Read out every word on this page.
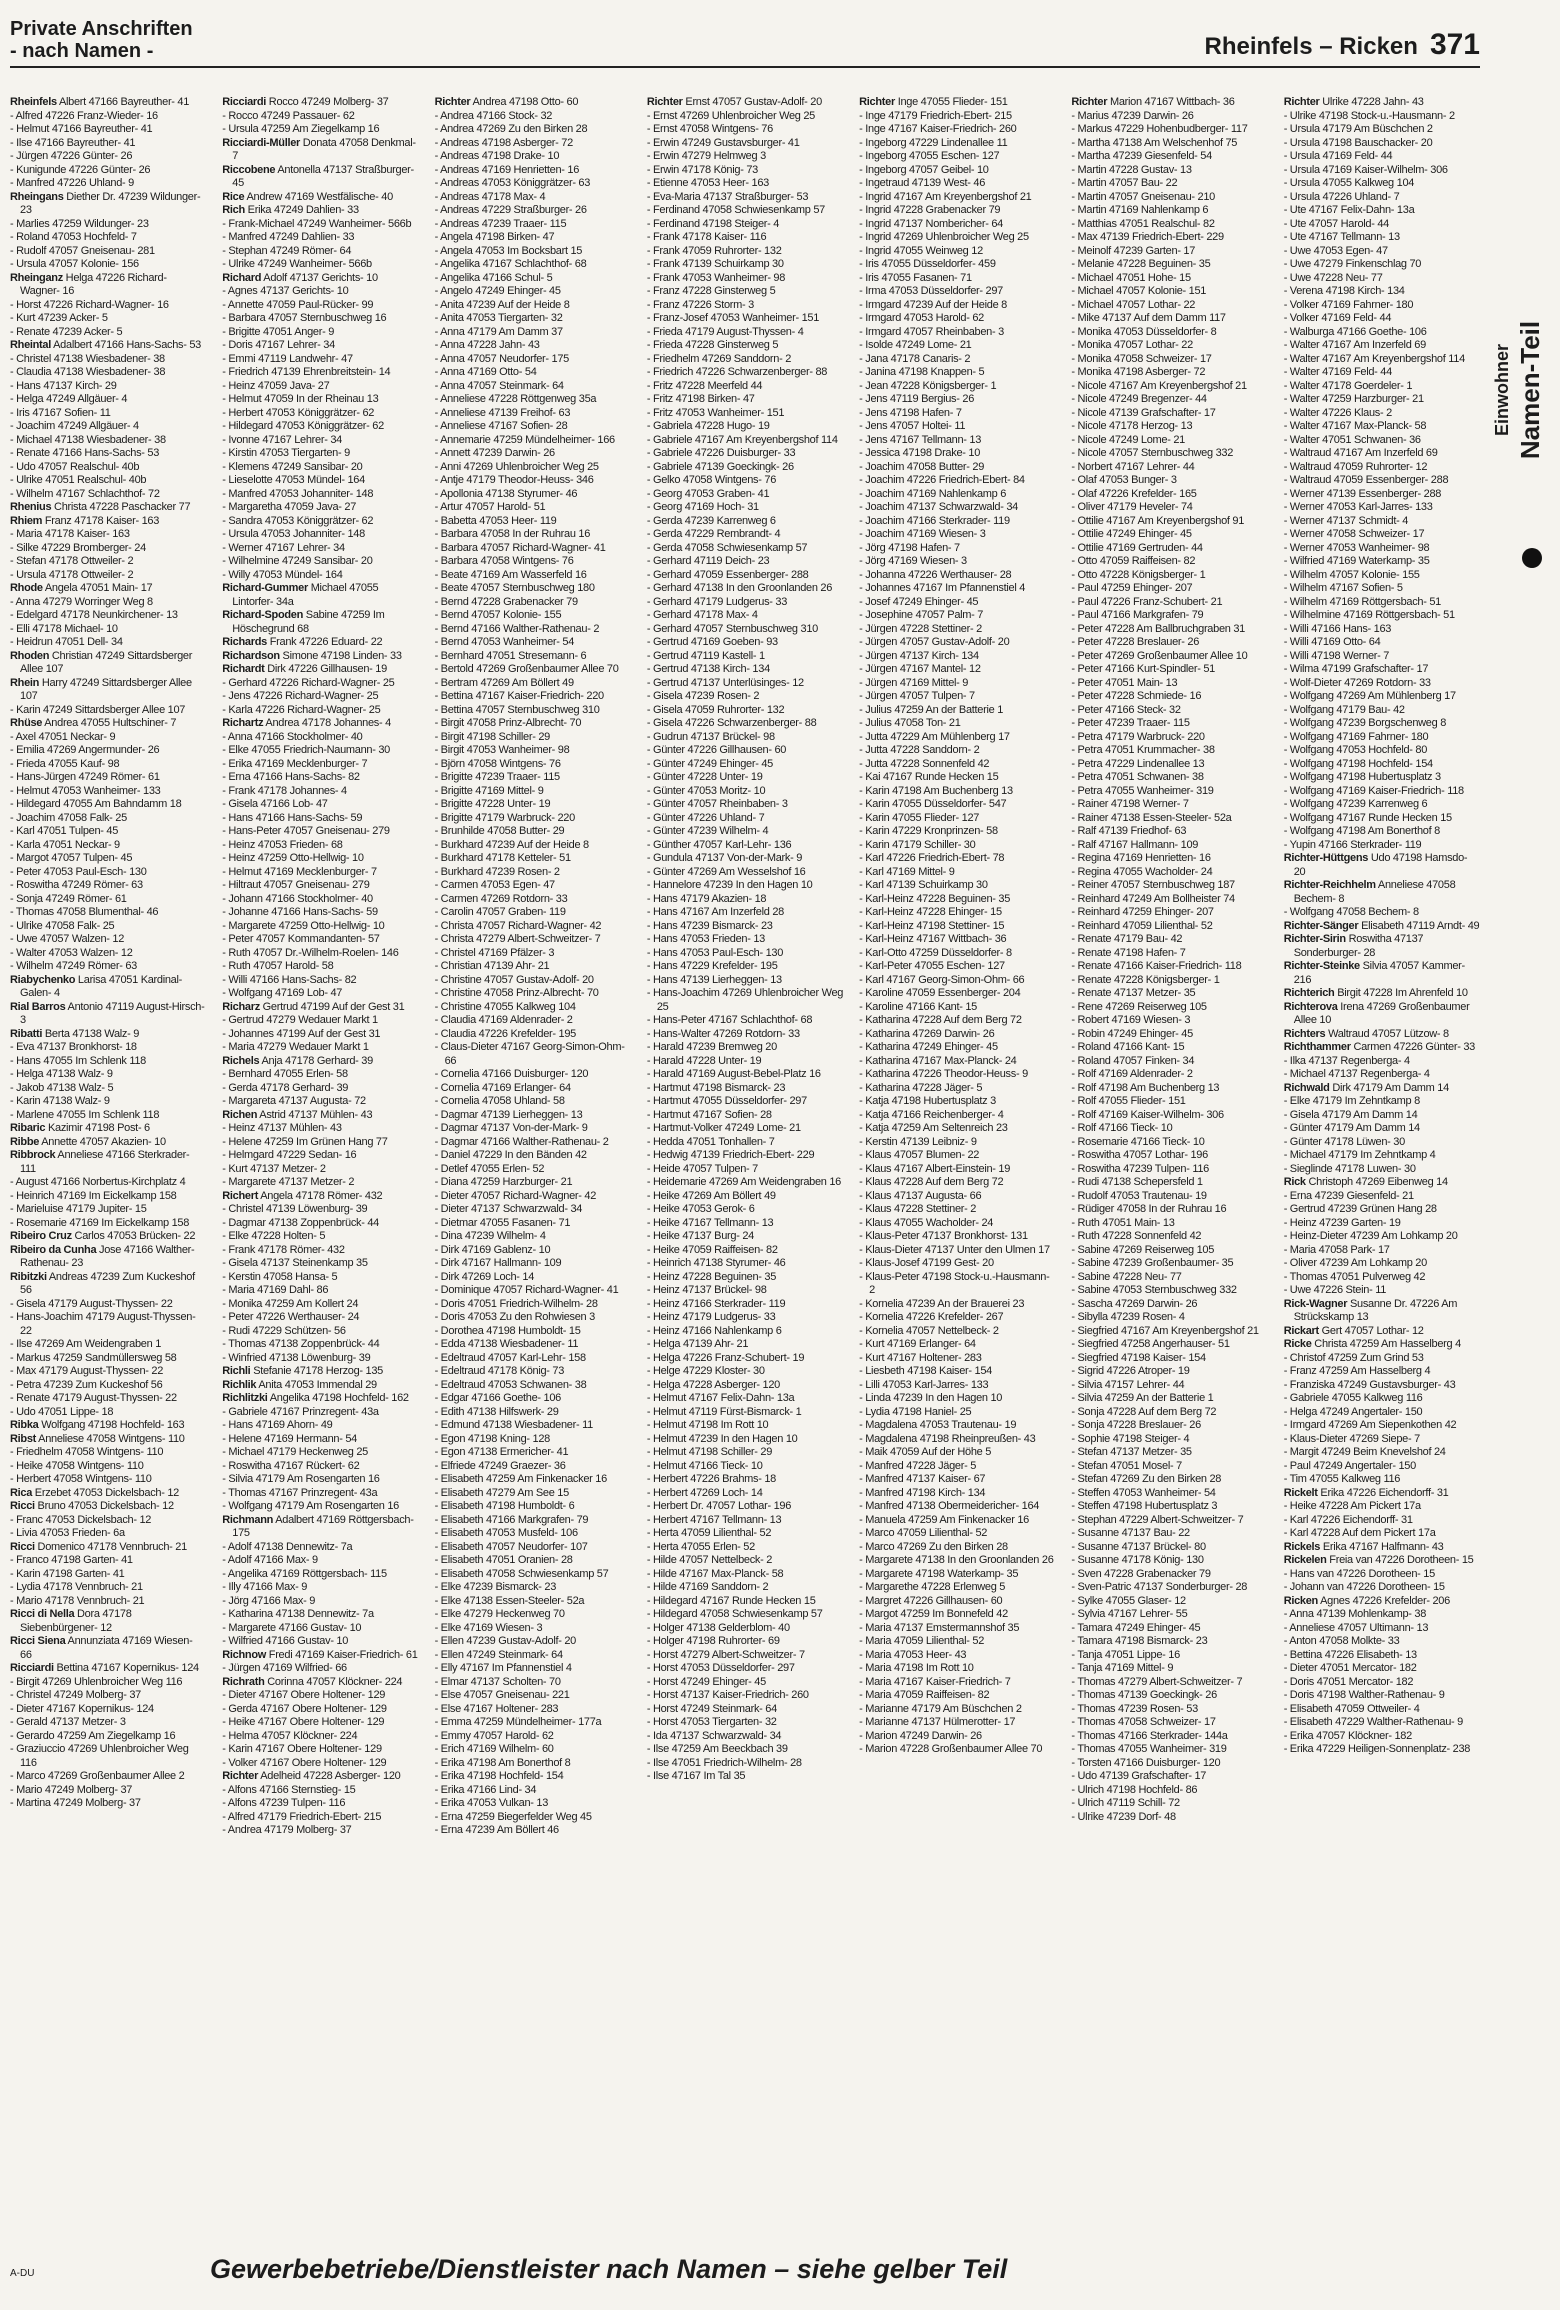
Private Anschriften
- nach Namen -	Rheinfels – Ricken 371
Rheinfels Albert 47166 Bayreuther- 41
- Alfred 47226 Franz-Wieder- 16
- Helmut 47166 Bayreuther- 41
- Ilse 47166 Bayreuther- 41
- Jürgen 47226 Günter- 26
- Kunigunde 47226 Günter- 26
- Manfred 47226 Uhland- 9
Rheingans Diether Dr. 47239 Wildunger- 23
- Marlies 47259 Wildunger- 23
- Roland 47053 Hochfeld- 7
- Rudolf 47057 Gneisenau- 281
- Ursula 47057 Kolonie- 156
Rheinganz Helga 47226 Richard-Wagner- 16
- Horst 47226 Richard-Wagner- 16
- Kurt 47239 Acker- 5
- Renate 47239 Acker- 5
Rheintal Adalbert 47166 Hans-Sachs- 53
- Christel 47138 Wiesbadener- 38
- Claudia 47138 Wiesbadener- 38
- Hans 47137 Kirch- 29
- Helga 47249 Allgäuer- 4
- Iris 47167 Sofien- 11
- Joachim 47249 Allgäuer- 4
- Michael 47138 Wiesbadener- 38
- Renate 47166 Hans-Sachs- 53
- Udo 47057 Realschul- 40b
- Ulrike 47051 Realschul- 40b
- Wilhelm 47167 Schlachthof- 72
Rhenius Christa 47228 Paschacker 77
Rhiem Franz 47178 Kaiser- 163
- Maria 47178 Kaiser- 163
- Silke 47229 Bromberger- 24
- Stefan 47178 Ottweiler- 2
- Ursula 47178 Ottweiler- 2
Rhode Angela 47051 Main- 17
- Anna 47279 Worringer Weg 8
- Edelgard 47178 Neunkirchener- 13
- Elli 47178 Michael- 10
- Heidrun 47051 Dell- 34
Rhoden Christian 47249 Sittardsberger Allee 107
Rhein Harry 47249 Sittardsberger Allee 107
- Karin 47249 Sittardsberger Allee 107
Rhüse Andrea 47055 Hultschiner- 7
- Axel 47051 Neckar- 9
- Emilia 47269 Angermunder- 26
- Frieda 47055 Kauf- 98
- Hans-Jürgen 47249 Römer- 61
- Helmut 47053 Wanheimer- 133
- Hildegard 47055 Am Bahndamm 18
- Joachim 47058 Falk- 25
- Karl 47051 Tulpen- 45
- Karla 47051 Neckar- 9
- Margot 47057 Tulpen- 45
- Peter 47053 Paul-Esch- 130
- Roswitha 47249 Römer- 63
- Sonja 47249 Römer- 61
- Thomas 47058 Blumenthal- 46
- Ulrike 47058 Falk- 25
- Uwe 47057 Walzen- 12
- Walter 47053 Walzen- 12
- Wilhelm 47249 Römer- 63
Riabychenko Larisa 47051 Kardinal-Galen- 4
Rial Barros Antonio 47119 August-Hirsch- 3
Ribatti Berta 47138 Walz- 9
- Eva 47137 Bronkhorst- 18
- Hans 47055 Im Schlenk 118
- Helga 47138 Walz- 9
- Jakob 47138 Walz- 5
- Karin 47138 Walz- 9
- Marlene 47055 Im Schlenk 118
Ribaric Kazimir 47198 Post- 6
Ribbe Annette 47057 Akazien- 10
Ribbrock Anneliese 47166 Sterkrader- 111
- August 47166 Norbertus-Kirchplatz 4
- Heinrich 47169 Im Eickelkamp 158
- Marieluise 47179 Jupiter- 15
- Rosemarie 47169 Im Eickelkamp 158
Ribeiro Cruz Carlos 47053 Brücken- 22
Ribeiro da Cunha Jose 47166 Walther-Rathenau- 23
Ribitzki Andreas 47239 Zum Kuckeshof 56
- Gisela 47179 August-Thyssen- 22
- Hans-Joachim 47179 August-Thyssen- 22
- Ilse 47269 Am Weidengraben 1
- Markus 47259 Sandmüllersweg 58
- Max 47179 August-Thyssen- 22
- Petra 47239 Zum Kuckeshof 56
- Renate 47179 August-Thyssen- 22
- Udo 47051 Lippe- 18
Ribka Wolfgang 47198 Hochfeld- 163
Ribst Anneliese 47058 Wintgens- 110
- Friedhelm 47058 Wintgens- 110
- Heike 47058 Wintgens- 110
- Herbert 47058 Wintgens- 110
Rica Erzebet 47053 Dickelsbach- 12
Ricci Bruno 47053 Dickelsbach- 12
- Franc 47053 Dickelsbach- 12
- Livia 47053 Frieden- 6a
Ricci Domenico 47178 Vennbruch- 21
- Franco 47198 Garten- 41
- Karin 47198 Garten- 41
- Lydia 47178 Vennbruch- 21
- Mario 47178 Vennbruch- 21
Ricci di Nella Dora 47178 Siebenbürgener- 12
Ricci Siena Annunziata 47169 Wiesen- 66
Ricciardi Bettina 47167 Kopernikus- 124
- Birgit 47269 Uhlenbroicher Weg 116
- Christel 47249 Molberg- 37
- Dieter 47167 Kopernikus- 124
- Gerald 47137 Metzer- 3
- Gerardo 47259 Am Ziegelkamp 16
- Graziuccio 47269 Uhlenbroicher Weg 116
- Marco 47269 Großenbaumer Allee 2
- Mario 47249 Molberg- 37
- Martina 47249 Molberg- 37
Ricciardi Rocco 47249 Molberg- 37
- Rocco 47249 Passauer- 62
- Ursula 47259 Am Ziegelkamp 16
Ricciardi-Müller Donata 47058 Denkmal- 7
Riccobene Antonella 47137 Straßburger- 45
Rice Andrew 47169 Westfälische- 40
Rich Erika 47249 Dahlien- 33
- Frank-Michael 47249 Wanheimer- 566b
- Manfred 47249 Dahlien- 33
- Stephan 47249 Römer- 64
- Ulrike 47249 Wanheimer- 566b
Richard Adolf 47137 Gerichts- 10
- Agnes 47137 Gerichts- 10
- Annette 47059 Paul-Rücker- 99
- Barbara 47057 Sternbuschweg 16
- Brigitte 47051 Anger- 9
- Doris 47167 Lehrer- 34
- Emmi 47119 Landwehr- 47
- Friedrich 47139 Ehrenbreitstein- 14
- Heinz 47059 Java- 27
- Helmut 47059 In der Rheinau 13
- Herbert 47053 Königgrätzer- 62
- Hildegard 47053 Königgrätzer- 62
- Ivonne 47167 Lehrer- 34
- Kirstin 47053 Tiergarten- 9
- Klemens 47249 Sansibar- 20
- Lieselotte 47053 Mündel- 164
- Manfred 47053 Johanniter- 148
- Margaretha 47059 Java- 27
- Sandra 47053 Königgrätzer- 62
- Ursula 47053 Johanniter- 148
- Werner 47167 Lehrer- 34
- Wilhelmine 47249 Sansibar- 20
- Willy 47053 Mündel- 164
Richard-Gummer Michael 47055 Lintorfer- 34a
Richard-Spoden Sabine 47259 Im Höschegrund 68
Richards Frank 47226 Eduard- 22
Richardson Simone 47198 Linden- 33
Richardt Dirk 47226 Gillhausen- 19
- Gerhard 47226 Richard-Wagner- 25
- Jens 47226 Richard-Wagner- 25
- Karla 47226 Richard-Wagner- 25
Richartz Andrea 47178 Johannes- 4
- Anna 47166 Stockholmer- 40
- Elke 47055 Friedrich-Naumann- 30
- Erika 47169 Mecklenburger- 7
- Erna 47166 Hans-Sachs- 82
- Frank 47178 Johannes- 4
- Gisela 47166 Lob- 47
- Hans 47166 Hans-Sachs- 59
- Hans-Peter 47057 Gneisenau- 279
- Heinz 47053 Frieden- 68
- Heinz 47259 Otto-Hellwig- 10
- Helmut 47169 Mecklenburger- 7
- Hiltraut 47057 Gneisenau- 279
- Johann 47166 Stockholmer- 40
- Johanne 47166 Hans-Sachs- 59
- Margarete 47259 Otto-Hellwig- 10
- Peter 47057 Kommandanten- 57
- Ruth 47057 Dr.-Wilhelm-Roelen- 146
- Ruth 47057 Harold- 58
- Willi 47166 Hans-Sachs- 82
- Wolfgang 47169 Lob- 47
Richarz Gertrud 47199 Auf der Gest 31
- Gertrud 47279 Wedauer Markt 1
- Johannes 47199 Auf der Gest 31
- Maria 47279 Wedauer Markt 1
Richels Anja 47178 Gerhard- 39
- Bernhard 47055 Erlen- 58
- Gerda 47178 Gerhard- 39
- Margareta 47137 Augusta- 72
Richen Astrid 47137 Mühlen- 43
- Heinz 47137 Mühlen- 43
- Helene 47259 Im Grünen Hang 77
- Helmgard 47229 Sedan- 16
- Kurt 47137 Metzer- 2
- Margarete 47137 Metzer- 2
Richert Angela 47178 Römer- 432
- Christel 47139 Löwenburg- 39
- Dagmar 47138 Zoppenbrück- 44
- Elke 47228 Holten- 5
- Frank 47178 Römer- 432
- Gisela 47137 Steinenkamp 35
- Kerstin 47058 Hansa- 5
- Maria 47169 Dahl- 86
- Monika 47259 Am Kollert 24
- Peter 47226 Werthauser- 24
- Rudi 47229 Schützen- 56
- Thomas 47138 Zoppenbrück- 44
- Winfried 47138 Löwenburg- 39
Richli Stefanie 47178 Herzog- 135
Richlik Anita 47053 Immendal 29
Richlitzki Angelika 47198 Hochfeld- 162
- Gabriele 47167 Prinzregent- 43a
- Hans 47169 Ahorn- 49
- Helene 47169 Hermann- 54
- Michael 47179 Heckenweg 25
- Roswitha 47167 Rückert- 62
- Silvia 47179 Am Rosengarten 16
- Thomas 47167 Prinzregent- 43a
- Wolfgang 47179 Am Rosengarten 16
Richmann Adalbert 47169 Röttgersbach- 175
- Adolf 47138 Dennewitz- 7a
- Adolf 47166 Max- 9
- Angelika 47169 Röttgersbach- 115
- Illy 47166 Max- 9
- Jörg 47166 Max- 9
- Katharina 47138 Dennewitz- 7a
- Margarete 47166 Gustav- 10
- Wilfried 47166 Gustav- 10
Richnow Fredi 47169 Kaiser-Friedrich- 61
- Jürgen 47169 Wilfried- 66
Richrath Corinna 47057 Klöckner- 224
- Dieter 47167 Obere Holtener- 129
- Gerda 47167 Obere Holtener- 129
- Heike 47167 Obere Holtener- 129
- Helma 47057 Klöckner- 224
- Karin 47167 Obere Holtener- 129
- Volker 47167 Obere Holtener- 129
Richter Adelheid 47228 Asberger- 120
- Alfons 47166 Sternstieg- 15
- Alfons 47239 Tulpen- 116
- Alfred 47179 Friedrich-Ebert- 215
- Andrea 47179 Molberg- 37
Richter Andrea 47198 Otto- 60
- Andrea 47166 Stock- 32
- Andrea 47269 Zu den Birken 28
- Andreas 47198 Asberger- 72
- Andreas 47198 Drake- 10
- Andreas 47169 Henrietten- 16
- Andreas 47053 Königgrätzer- 63
- Andreas 47178 Max- 4
- Andreas 47229 Straßburger- 26
- Andreas 47239 Traaer- 115
- Angela 47198 Birken- 47
- Angela 47053 Im Bocksbart 15
- Angelika 47167 Schlachthof- 68
- Angelika 47166 Schul- 5
- Angelo 47249 Ehinger- 45
- Anita 47239 Auf der Heide 8
- Anita 47053 Tiergarten- 32
- Anna 47179 Am Damm 37
- Anna 47228 Jahn- 43
- Anna 47057 Neudorfer- 175
- Anna 47169 Otto- 54
- Anna 47057 Steinmark- 64
- Anneliese 47228 Röttgenweg 35a
- Anneliese 47139 Freihof- 63
- Anneliese 47167 Sofien- 28
- Annemarie 47259 Mündelheimer- 166
- Annett 47239 Darwin- 26
- Anni 47269 Uhlenbroicher Weg 25
- Antje 47179 Theodor-Heuss- 346
- Apollonia 47138 Styrumer- 46
- Artur 47057 Harold- 51
- Babetta 47053 Heer- 119
- Barbara 47058 In der Ruhrau 16
- Barbara 47057 Richard-Wagner- 41
- Barbara 47058 Wintgens- 76
- Beate 47169 Am Wasserfeld 16
- Beate 47057 Sternbuschweg 180
- Bernd 47228 Grabenacker 79
- Bernd 47057 Kolonie- 155
- Bernd 47166 Walther-Rathenau- 2
- Bernd 47053 Wanheimer- 54
- Bernhard 47051 Stresemann- 6
- Bertold 47269 Großenbaumer Allee 70
- Bertram 47269 Am Böllert 49
- Bettina 47167 Kaiser-Friedrich- 220
- Bettina 47057 Sternbuschweg 310
- Birgit 47058 Prinz-Albrecht- 70
- Birgit 47198 Schiller- 29
- Birgit 47053 Wanheimer- 98
- Björn 47058 Wintgens- 76
- Brigitte 47239 Traaer- 115
- Brigitte 47169 Mittel- 9
- Brigitte 47228 Unter- 19
- Brigitte 47179 Warbruck- 220
- Brunhilde 47058 Butter- 29
- Burkhard 47239 Auf der Heide 8
- Burkhard 47178 Ketteler- 51
- Burkhard 47239 Rosen- 2
- Carmen 47053 Egen- 47
- Carmen 47269 Rotdorn- 33
- Carolin 47057 Graben- 119
- Christa 47057 Richard-Wagner- 42
- Christa 47279 Albert-Schweitzer- 7
- Christel 47169 Pfälzer- 3
- Christian 47139 Ahr- 21
- Christine 47057 Gustav-Adolf- 20
- Christine 47058 Prinz-Albrecht- 70
- Christine 47055 Kalkweg 104
- Claudia 47169 Aldenrader- 2
- Claudia 47226 Krefelder- 195
- Claus-Dieter 47167 Georg-Simon-Ohm- 66
- Cornelia 47166 Duisburger- 120
- Cornelia 47169 Erlanger- 64
- Cornelia 47058 Uhland- 58
- Dagmar 47139 Lierheggen- 13
- Dagmar 47137 Von-der-Mark- 9
- Dagmar 47166 Walther-Rathenau- 2
- Daniel 47229 In den Bänden 42
- Detlef 47055 Erlen- 52
- Diana 47259 Harzburger- 21
- Dieter 47057 Richard-Wagner- 42
- Dieter 47137 Schwarzwald- 34
- Dietmar 47055 Fasanen- 71
- Dina 47239 Wilhelm- 4
- Dirk 47169 Gablenz- 10
- Dirk 47167 Hallmann- 109
- Dirk 47269 Loch- 14
- Dominique 47057 Richard-Wagner- 41
- Doris 47051 Friedrich-Wilhelm- 28
- Doris 47053 Zu den Rohwiesen 3
- Dorothea 47198 Humboldt- 15
- Edda 47138 Wiesbadener- 11
- Edeltraud 47057 Karl-Lehr- 158
- Edeltraud 47178 König- 73
- Edeltraud 47053 Schwanen- 38
- Edgar 47166 Goethe- 106
- Edith 47138 Hilfswerk- 29
- Edmund 47138 Wiesbadener- 11
- Egon 47198 Kning- 128
- Egon 47138 Ermericher- 41
- Elfriede 47249 Graezer- 36
- Elisabeth 47259 Am Finkenacker 16
- Elisabeth 47279 Am See 15
- Elisabeth 47198 Humboldt- 6
- Elisabeth 47166 Markgrafen- 79
- Elisabeth 47053 Musfeld- 106
- Elisabeth 47057 Neudorfer- 107
- Elisabeth 47051 Oranien- 28
- Elisabeth 47058 Schwiesenkamp 57
- Elke 47239 Bismarck- 23
- Elke 47138 Essen-Steeler- 52a
- Elke 47279 Heckenweg 70
- Elke 47169 Wiesen- 3
- Ellen 47239 Gustav-Adolf- 20
- Ellen 47249 Steinmark- 64
- Elly 47167 Im Pfannenstiel 4
- Elmar 47137 Scholten- 70
- Else 47057 Gneisenau- 221
- Else 47167 Holtener- 283
- Emma 47259 Mündelheimer- 177a
- Emmy 47057 Harold- 62
- Erich 47169 Wilhelm- 60
- Erika 47198 Am Bonerthof 8
- Erika 47198 Hochfeld- 154
- Erika 47166 Lind- 34
- Erika 47053 Vulkan- 13
- Erna 47259 Biegerfelder Weg 45
- Erna 47239 Am Böllert 46
Richter Ernst 47057 Gustav-Adolf- 20
- Ernst 47269 Uhlenbroicher Weg 25
- Ernst 47058 Wintgens- 76
- Erwin 47249 Gustavsburger- 41
- Erwin 47279 Helmweg 3
- Erwin 47178 König- 73
- Etienne 47053 Heer- 163
- Eva-Maria 47137 Straßburger- 53
- Ferdinand 47058 Schwiesenkamp 57
- Ferdinand 47198 Steiger- 4
- Frank 47178 Kaiser- 116
- Frank 47059 Ruhrorter- 132
- Frank 47139 Schuirkamp 30
- Frank 47053 Wanheimer- 98
- Franz 47228 Ginsterweg 5
- Franz 47226 Storm- 3
- Franz-Josef 47053 Wanheimer- 151
- Frieda 47179 August-Thyssen- 4
- Frieda 47228 Ginsterweg 5
- Friedhelm 47269 Sanddorn- 2
- Friedrich 47226 Schwarzenberger- 88
- Fritz 47228 Meerfeld 44
- Fritz 47198 Birken- 47
- Fritz 47053 Wanheimer- 151
- Gabriela 47228 Hugo- 19
- Gabriele 47167 Am Kreyenbergshof 114
- Gabriele 47226 Duisburger- 33
- Gabriele 47139 Goeckingk- 26
- Gelko 47058 Wintgens- 76
- Georg 47053 Graben- 41
- Georg 47169 Hoch- 31
- Gerda 47239 Karrenweg 6
- Gerda 47229 Rembrandt- 4
- Gerda 47058 Schwiesenkamp 57
- Gerhard 47119 Deich- 23
- Gerhard 47059 Essenberger- 288
- Gerhard 47138 In den Groonlanden 26
- Gerhard 47179 Ludgerus- 33
- Gerhard 47178 Max- 4
- Gerhard 47057 Sternbuschweg 310
- Gertrud 47169 Goeben- 93
- Gertrud 47119 Kastell- 1
- Gertrud 47138 Kirch- 134
- Gertrud 47137 Unterlüsinges- 12
- Gisela 47239 Rosen- 2
- Gisela 47059 Ruhrorter- 132
- Gisela 47226 Schwarzenberger- 88
- Gudrun 47137 Brückel- 98
- Günter 47226 Gillhausen- 60
- Günter 47249 Ehinger- 45
- Günter 47228 Unter- 19
- Günter 47053 Moritz- 10
- Günter 47057 Rheinbaben- 3
- Günter 47226 Uhland- 7
- Günter 47239 Wilhelm- 4
- Günther 47057 Karl-Lehr- 136
- Gundula 47137 Von-der-Mark- 9
- Günter 47269 Am Wesselshof 16
- Hannelore 47239 In den Hagen 10
- Hans 47179 Akazien- 18
- Hans 47167 Am Inzerfeld 28
- Hans 47239 Bismarck- 23
- Hans 47053 Frieden- 13
- Hans 47053 Paul-Esch- 130
- Hans 47229 Krefelder- 195
- Hans 47139 Lierheggen- 13
- Hans-Joachim 47269 Uhlenbroicher Weg 25
- Hans-Peter 47167 Schlachthof- 68
- Hans-Walter 47269 Rotdorn- 33
- Harald 47239 Bremweg 20
- Harald 47228 Unter- 19
- Harald 47169 August-Bebel-Platz 16
- Hartmut 47198 Bismarck- 23
- Hartmut 47055 Düsseldorfer- 297
- Hartmut 47167 Sofien- 28
- Hartmut-Volker 47249 Lome- 21
- Hedda 47051 Tonhallen- 7
- Hedwig 47139 Friedrich-Ebert- 229
- Heide 47057 Tulpen- 7
- Heidemarie 47269 Am Weidengraben 16
- Heike 47269 Am Böllert 49
- Heike 47053 Gerok- 6
- Heike 47167 Tellmann- 13
- Heike 47137 Burg- 24
- Heike 47059 Raiffeisen- 82
- Heinrich 47138 Styrumer- 46
- Heinz 47228 Beguinen- 35
- Heinz 47137 Brückel- 98
- Heinz 47166 Sterkrader- 119
- Heinz 47179 Ludgerus- 33
- Heinz 47166 Nahlenkamp 6
- Helga 47139 Ahr- 21
- Helga 47226 Franz-Schubert- 19
- Helge 47229 Kloster- 30
- Helga 47228 Asberger- 120
- Helmut 47167 Felix-Dahn- 13a
- Helmut 47119 Fürst-Bismarck- 1
- Helmut 47198 Im Rott 10
- Helmut 47239 In den Hagen 10
- Helmut 47198 Schiller- 29
- Helmut 47166 Tieck- 10
- Herbert 47226 Brahms- 18
- Herbert 47269 Loch- 14
- Herbert Dr. 47057 Lothar- 196
- Herbert 47167 Tellmann- 13
- Herta 47059 Lilienthal- 52
- Herta 47055 Erlen- 52
- Hilde 47057 Nettelbeck- 2
- Hilde 47167 Max-Planck- 58
- Hilde 47169 Sanddorn- 2
- Hildegard 47167 Runde Hecken 15
- Hildegard 47058 Schwiesenkamp 57
- Holger 47138 Gelderblom- 40
- Holger 47198 Ruhrorter- 69
- Horst 47279 Albert-Schweitzer- 7
- Horst 47053 Düsseldorfer- 297
- Horst 47249 Ehinger- 45
- Horst 47137 Kaiser-Friedrich- 260
- Horst 47249 Steinmark- 64
- Horst 47053 Tiergarten- 32
- Ida 47137 Schwarzwald- 34
- Ilse 47259 Am Beeckbach 39
- Ilse 47051 Friedrich-Wilhelm- 28
- Ilse 47167 Im Tal 35
Richter Inge 47055 Flieder- 151
- Inge 47179 Friedrich-Ebert- 215
- Inge 47167 Kaiser-Friedrich- 260
- Ingeborg 47229 Lindenallee 11
- Ingeborg 47055 Eschen- 127
- Ingeborg 47057 Geibel- 10
- Ingetraud 47139 West- 46
- Ingrid 47167 Am Kreyenbergshof 21
- Ingrid 47228 Grabenacker 79
- Ingrid 47137 Nomberichеr- 64
- Ingrid 47269 Uhlenbroicher Weg 25
- Ingrid 47055 Weinweg 12
- Iris 47055 Düsseldorfer- 459
- Iris 47055 Fasanen- 71
- Irma 47053 Düsseldorfer- 297
- Irmgard 47239 Auf der Heide 8
- Irmgard 47053 Harold- 62
- Irmgard 47057 Rheinbaben- 3
- Isolde 47249 Lome- 21
- Jana 47178 Canaris- 2
- Janina 47198 Knappen- 5
- Jean 47228 Königsberger- 1
- Jens 47119 Bergius- 26
- Jens 47198 Hafen- 7
- Jens 47057 Holtei- 11
- Jens 47167 Tellmann- 13
- Jessica 47198 Drake- 10
- Joachim 47058 Butter- 29
- Joachim 47226 Friedrich-Ebert- 84
- Joachim 47169 Nahlenkamp 6
- Joachim 47137 Schwarzwald- 34
- Joachim 47166 Sterkrader- 119
- Joachim 47169 Wiesen- 3
- Jörg 47198 Hafen- 7
- Jörg 47169 Wiesen- 3
- Johanna 47226 Werthauser- 28
- Johannes 47167 Im Pfannenstiel 4
- Josef 47249 Ehinger- 45
- Josephine 47057 Palm- 7
- Jürgen 47228 Stettiner- 2
- Jürgen 47057 Gustav-Adolf- 20
- Jürgen 47137 Kirch- 134
- Jürgen 47167 Mantel- 12
- Jürgen 47169 Mittel- 9
- Jürgen 47057 Tulpen- 7
- Julius 47259 An der Batterie 1
- Julius 47058 Ton- 21
- Jutta 47229 Am Mühlenberg 17
- Jutta 47228 Sanddorn- 2
- Jutta 47228 Sonnenfeld 42
- Kai 47167 Runde Hecken 15
- Karin 47198 Am Buchenberg 13
- Karin 47055 Düsseldorfer- 547
- Karin 47055 Flieder- 127
- Karin 47229 Kronprinzen- 58
- Karin 47179 Schiller- 30
- Karl 47226 Friedrich-Ebert- 78
- Karl 47169 Mittel- 9
- Karl 47139 Schuirkamp 30
- Karl-Heinz 47228 Beguinen- 35
- Karl-Heinz 47228 Ehinger- 15
- Karl-Heinz 47198 Stettiner- 15
- Karl-Heinz 47167 Wittbach- 36
- Karl-Otto 47259 Düsseldorfer- 8
- Karl-Peter 47055 Eschen- 127
- Karl 47167 Georg-Simon-Ohm- 66
- Karoline 47059 Essenberger- 204
- Karoline 47166 Kant- 15
- Katharina 47228 Auf dem Berg 72
- Katharina 47269 Darwin- 26
- Katharina 47249 Ehinger- 45
- Katharina 47167 Max-Planck- 24
- Katharina 47226 Theodor-Heuss- 9
- Katharina 47228 Jäger- 5
- Katja 47198 Hubertusplatz 3
- Katja 47166 Reichenberger- 4
- Katja 47259 Am Seltenreich 23
- Kerstin 47139 Leibniz- 9
- Klaus 47057 Blumen- 22
- Klaus 47167 Albert-Einstein- 19
- Klaus 47228 Auf dem Berg 72
- Klaus 47137 Augusta- 66
- Klaus 47228 Stettiner- 2
- Klaus 47055 Wacholder- 24
- Klaus-Peter 47137 Bronkhorst- 131
- Klaus-Dieter 47137 Unter den Ulmen 17
- Klaus-Josef 47199 Gest- 20
- Klaus-Peter 47198 Stock-u.-Hausmann- 2
- Kornelia 47239 An der Brauerei 23
- Kornelia 47226 Krefelder- 267
- Kornelia 47057 Nettelbeck- 2
- Kurt 47169 Erlanger- 64
- Kurt 47167 Holtener- 283
- Liesbeth 47198 Kaiser- 154
- Lilli 47053 Karl-Jarres- 133
- Linda 47239 In den Hagen 10
- Lydia 47198 Haniel- 25
- Magdalena 47053 Trautenau- 19
- Magdalena 47198 Rheinpreußen- 43
- Maik 47059 Auf der Höhe 5
- Manfred 47228 Jäger- 5
- Manfred 47137 Kaiser- 67
- Manfred 47198 Kirch- 134
- Manfred 47138 Obermeidericher- 164
- Manuela 47259 Am Finkenacker 16
- Marco 47059 Lilienthal- 52
- Marco 47269 Zu den Birken 28
- Margarete 47138 In den Groonlanden 26
- Margarete 47198 Waterkamp- 35
- Margarethe 47228 Erlenweg 5
- Margret 47226 Gillhausen- 60
- Margot 47259 Im Bonnefeld 42
- Maria 47137 Emstermannshof 35
- Maria 47059 Lilienthal- 52
- Maria 47053 Heer- 43
- Maria 47198 Im Rott 10
- Maria 47167 Kaiser-Friedrich- 7
- Maria 47059 Raiffeisen- 82
- Marianne 47179 Am Büschchen 2
- Marianne 47137 Hülmerotter- 17
- Marion 47249 Darwin- 26
- Marion 47228 Großenbaumer Allee 70
Richter Marion 47167 Wittbach- 36
- Marius 47239 Darwin- 26
- Markus 47229 Hohenbudberger- 117
- Martha 47138 Am Welschenhof 75
- Martha 47239 Giesenfeld- 54
- Martin 47228 Gustav- 13
- Martin 47057 Bau- 22
- Martin 47057 Gneisenau- 210
- Martin 47169 Nahlenkamp 6
- Matthias 47051 Realschul- 82
- Max 47139 Friedrich-Ebert- 229
- Meinolf 47239 Garten- 17
- Melanie 47228 Beguinen- 35
- Michael 47051 Hohe- 15
- Michael 47057 Kolonie- 151
- Michael 47057 Lothar- 22
- Mike 47137 Auf dem Damm 117
- Monika 47053 Düsseldorfer- 8
- Monika 47057 Lothar- 22
- Monika 47058 Schweizer- 17
- Monika 47198 Asberger- 72
- Nicole 47167 Am Kreyenbergshof 21
- Nicole 47249 Bregenzer- 44
- Nicole 47139 Grafschafter- 17
- Nicole 47178 Herzog- 13
- Nicole 47249 Lome- 21
- Nicole 47057 Sternbuschweg 332
- Norbert 47167 Lehrer- 44
- Olaf 47053 Bunger- 3
- Olaf 47226 Krefelder- 165
- Oliver 47179 Heveler- 74
- Ottilie 47167 Am Kreyenbergshof 91
- Ottilie 47249 Ehinger- 45
- Ottilie 47169 Gertruden- 44
- Otto 47059 Raiffeisen- 82
- Otto 47228 Königsberger- 1
- Paul 47259 Ehinger- 207
- Paul 47226 Franz-Schubert- 21
- Paul 47166 Markgrafen- 79
- Peter 47228 Am Ballbruchgraben 31
- Peter 47228 Breslauer- 26
- Peter 47269 Großenbaumer Allee 10
- Peter 47166 Kurt-Spindler- 51
- Peter 47051 Main- 13
- Peter 47228 Schmiede- 16
- Peter 47166 Steck- 32
- Peter 47239 Traaer- 115
- Petra 47179 Warbruck- 220
- Petra 47051 Krummacher- 38
- Petra 47229 Lindenallee 13
- Petra 47051 Schwanen- 38
- Petra 47055 Wanheimer- 319
- Rainer 47198 Werner- 7
- Rainer 47138 Essen-Steeler- 52a
- Ralf 47139 Friedhof- 63
- Ralf 47167 Hallmann- 109
- Regina 47169 Henrietten- 16
- Regina 47055 Wacholder- 24
- Reiner 47057 Sternbuschweg 187
- Reinhard 47249 Am Bollheister 74
- Reinhard 47259 Ehinger- 207
- Reinhard 47059 Lilienthal- 52
- Renate 47179 Bau- 42
- Renate 47198 Hafen- 7
- Renate 47166 Kaiser-Friedrich- 118
- Renate 47228 Königsberger- 1
- Renate 47137 Metzer- 35
- Rene 47269 Reiserweg 105
- Robert 47169 Wiesen- 3
- Robin 47249 Ehinger- 45
- Roland 47166 Kant- 15
- Roland 47057 Finken- 34
- Rolf 47169 Aldenrader- 2
- Rolf 47198 Am Buchenberg 13
- Rolf 47055 Flieder- 151
- Rolf 47169 Kaiser-Wilhelm- 306
- Rolf 47166 Tieck- 10
- Rosemarie 47166 Tieck- 10
- Roswitha 47057 Lothar- 196
- Roswitha 47239 Tulpen- 116
- Rudi 47138 Schepersfeld 1
- Rudolf 47053 Trautenau- 19
- Rüdiger 47058 In der Ruhrau 16
- Ruth 47051 Main- 13
- Ruth 47228 Sonnenfeld 42
- Sabine 47269 Reiserweg 105
- Sabine 47239 Großenbaumer- 35
- Sabine 47228 Neu- 77
- Sabine 47053 Sternbuschweg 332
- Sascha 47269 Darwin- 26
- Sibylla 47239 Rosen- 4
- Siegfried 47167 Am Kreyenbergshof 21
- Siegfried 47258 Angerhauser- 51
- Siegfried 47198 Kaiser- 154
- Sigrid 47226 Atroper- 19
- Silvia 47157 Lehrer- 44
- Silvia 47259 An der Batterie 1
- Sonja 47228 Auf dem Berg 72
- Sonja 47228 Breslauer- 26
- Sophie 47198 Steiger- 4
- Stefan 47137 Metzer- 35
- Stefan 47051 Mosel- 7
- Stefan 47269 Zu den Birken 28
- Steffen 47053 Wanheimer- 54
- Steffen 47198 Hubertusplatz 3
- Stephan 47229 Albert-Schweitzer- 7
- Susanne 47137 Bau- 22
- Susanne 47137 Brückel- 80
- Susanne 47178 König- 130
- Sven 47228 Grabenacker 79
- Sven-Patric 47137 Sonderburger- 28
- Sylke 47055 Glaser- 12
- Sylvia 47167 Lehrer- 55
- Tamara 47249 Ehinger- 45
- Tamara 47198 Bismarck- 23
- Tanja 47051 Lippe- 16
- Tanja 47169 Mittel- 9
- Thomas 47279 Albert-Schweitzer- 7
- Thomas 47139 Goeckingk- 26
- Thomas 47239 Rosen- 53
- Thomas 47058 Schweizer- 17
- Thomas 47166 Sterkrader- 144a
- Thomas 47055 Wanheimer- 319
- Torsten 47166 Duisburger- 120
- Udo 47139 Grafschafter- 17
- Ulrich 47198 Hochfeld- 86
- Ulrich 47119 Schill- 72
- Ulrike 47239 Dorf- 48
Richter Ulrike 47228 Jahn- 43
- Ulrike 47198 Stock-u.-Hausmann- 2
- Ursula 47179 Am Büschchen 2
- Ursula 47198 Bauschacker- 20
- Ursula 47169 Feld- 44
- Ursula 47169 Kaiser-Wilhelm- 306
- Ursula 47055 Kalkweg 104
- Ursula 47226 Uhland- 7
- Ute 47167 Felix-Dahn- 13a
- Ute 47057 Harold- 44
- Ute 47167 Tellmann- 13
- Uwe 47053 Egen- 47
- Uwe 47279 Finkenschlag 70
- Uwe 47228 Neu- 77
- Verena 47198 Kirch- 134
- Volker 47169 Fahrner- 180
- Volker 47169 Feld- 44
- Walburga 47166 Goethe- 106
- Walter 47167 Am Inzerfeld 69
- Walter 47167 Am Kreyenbergshof 114
- Walter 47169 Feld- 44
- Walter 47178 Goerdeler- 1
- Walter 47259 Harzburger- 21
- Walter 47226 Klaus- 2
- Walter 47167 Max-Planck- 58
- Walter 47051 Schwanen- 36
- Waltraud 47167 Am Inzerfeld 69
- Waltraud 47059 Ruhrorter- 12
- Waltraud 47059 Essenberger- 288
- Werner 47139 Essenberger- 288
- Werner 47053 Karl-Jarres- 133
- Werner 47137 Schmidt- 4
- Werner 47058 Schweizer- 17
- Werner 47053 Wanheimer- 98
- Wilfried 47169 Waterkamp- 35
- Wilhelm 47057 Kolonie- 155
- Wilhelm 47167 Sofien- 5
- Wilhelm 47169 Röttgersbach- 51
- Wilhelmine 47169 Röttgersbach- 51
- Willi 47166 Hans- 163
- Willi 47169 Otto- 64
- Willi 47198 Werner- 7
- Wilma 47199 Grafschafter- 17
- Wolf-Dieter 47269 Rotdorn- 33
- Wolfgang 47269 Am Mühlenberg 17
- Wolfgang 47179 Bau- 42
- Wolfgang 47239 Borgschenweg 8
- Wolfgang 47169 Fahrner- 180
- Wolfgang 47053 Hochfeld- 80
- Wolfgang 47198 Hochfeld- 154
- Wolfgang 47198 Hubertusplatz 3
- Wolfgang 47169 Kaiser-Friedrich- 118
- Wolfgang 47239 Karrenweg 6
- Wolfgang 47167 Runde Hecken 15
- Wolfgang 47198 Am Bonerthof 8
- Yupin 47166 Sterkrader- 119
Richter-Hüttgens Udo 47198 Hamsdo- 20
Richter-Reichhelm Anneliese 47058 Bechem- 8
- Wolfgang 47058 Bechem- 8
Richter-Sänger Elisabeth 47119 Arndt- 49
Richter-Sirin Roswitha 47137 Sonderburger- 28
Richter-Steinke Silvia 47057 Kammer- 216
Richterich Birgit 47228 Im Ahrenfeld 10
Richterova Irena 47269 Großenbaumer Allee 10
Richters Waltraud 47057 Lützow- 8
Richthammer Carmen 47226 Günter- 33
- Ilka 47137 Regenberga- 4
- Michael 47137 Regenberga- 4
Richwald Dirk 47179 Am Damm 14
- Elke 47179 Im Zehntkamp 8
- Gisela 47179 Am Damm 14
- Günter 47179 Am Damm 14
- Günter 47178 Lüwen- 30
- Michael 47179 Im Zehntkamp 4
- Sieglinde 47178 Luwen- 30
Rick Christoph 47269 Eibenweg 14
- Erna 47239 Giesenfeld- 21
- Gertrud 47239 Grünen Hang 28
- Heinz 47239 Garten- 19
- Heinz-Dieter 47239 Am Lohkamp 20
- Maria 47058 Park- 17
- Oliver 47239 Am Lohkamp 20
- Thomas 47051 Pulverweg 42
- Uwe 47226 Stein- 11
Rick-Wagner Susanne Dr. 47226 Am Strückskamp 13
Rickart Gert 47057 Lothar- 12
Ricke Christa 47259 Am Hasselberg 4
- Christof 47259 Zum Grind 53
- Franz 47259 Am Hasselberg 4
- Franziska 47249 Gustavsburger- 43
- Gabriele 47055 Kalkweg 116
- Helga 47249 Angertaler- 150
- Irmgard 47269 Am Siepenkothen 42
- Klaus-Dieter 47269 Siepe- 7
- Margit 47249 Beim Knevelshof 24
- Paul 47249 Angertaler- 150
- Tim 47055 Kalkweg 116
Rickelt Erika 47226 Eichendorff- 31
- Heike 47228 Am Pickert 17a
- Karl 47226 Eichendorff- 31
- Karl 47228 Auf dem Pickert 17a
Rickels Erika 47167 Halfmann- 43
Rickelen Freia van 47226 Dorotheen- 15
- Hans van 47226 Dorotheen- 15
- Johann van 47226 Dorotheen- 15
Ricken Agnes 47226 Krefelder- 206
- Anna 47139 Mohlenkamp- 38
- Anneliese 47057 Ultimann- 13
- Anton 47058 Molkte- 33
- Bettina 47226 Elisabeth- 13
- Dieter 47051 Mercator- 182
- Doris 47051 Mercator- 182
- Doris 47198 Walther-Rathenau- 9
- Elisabeth 47059 Ottweiler- 4
- Elisabeth 47229 Walther-Rathenau- 9
- Erika 47057 Klöckner- 182
- Erika 47229 Heiligen-Sonnenplatz- 238
Einwohner Namen-Teil
A-DU	Gewerbebetriebe/Dienstleister nach Namen – siehe gelber Teil
